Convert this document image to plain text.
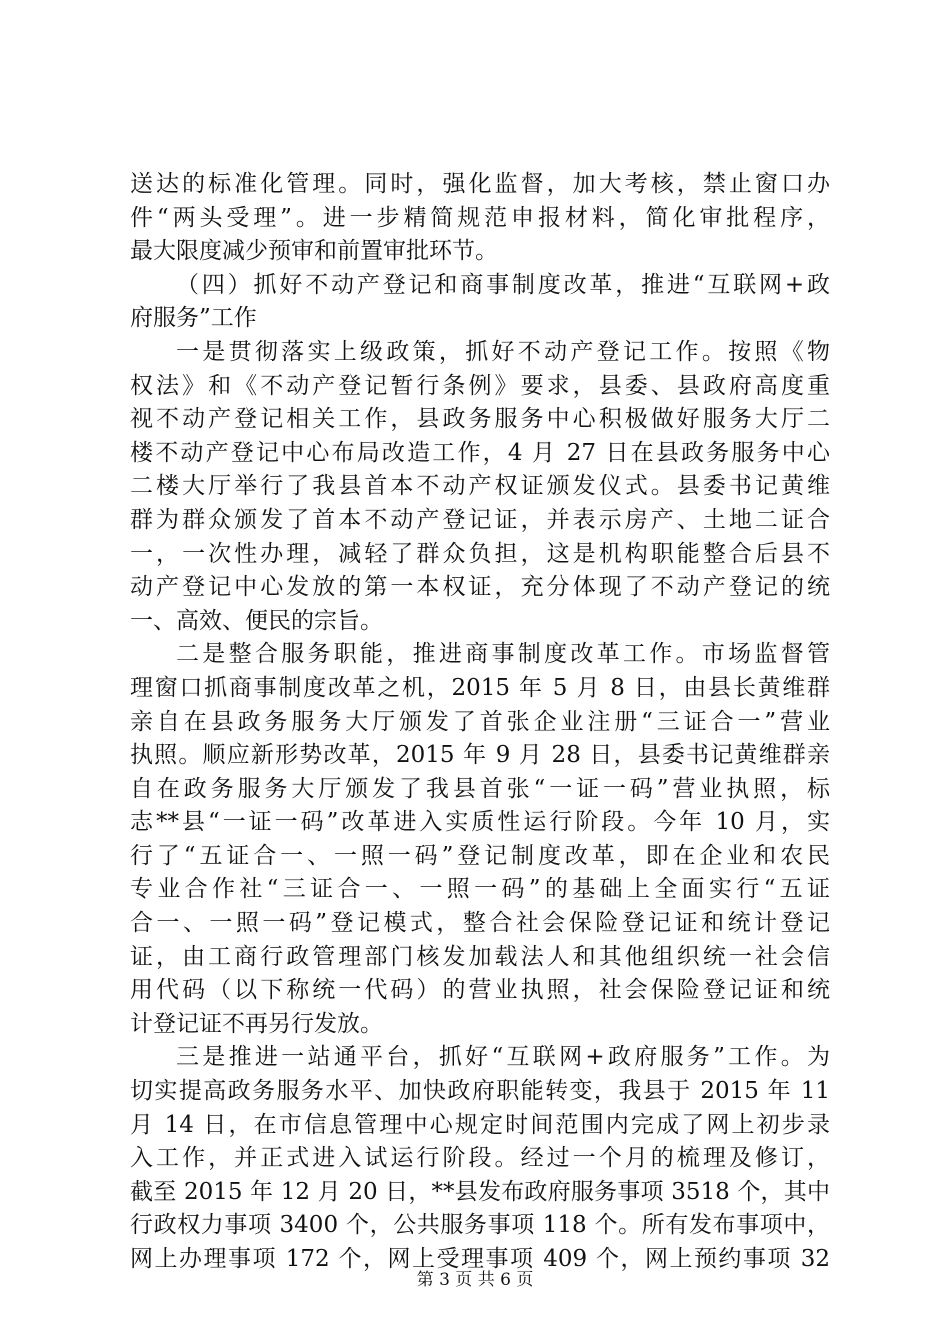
送达的标准化管理。同时，强化监督，加大考核，禁止窗口办
件“两头受理”。进一步精简规范申报材料，简化审批程序，
最大限度减少预审和前置审批环节。
（四）抓好不动产登记和商事制度改革，推进“互联网+政
府服务”工作
一是贯彻落实上级政策，抓好不动产登记工作。按照《物
权法》和《不动产登记暂行条例》要求，县委、县政府高度重
视不动产登记相关工作，县政务服务中心积极做好服务大厅二
楼不动产登记中心布局改造工作，4 月 27 日在县政务服务中心
二楼大厅举行了我县首本不动产权证颁发仪式。县委书记黄维
群为群众颁发了首本不动产登记证，并表示房产、土地二证合
一，一次性办理，减轻了群众负担，这是机构职能整合后县不
动产登记中心发放的第一本权证，充分体现了不动产登记的统
一、高效、便民的宗旨。
二是整合服务职能，推进商事制度改革工作。市场监督管
理窗口抓商事制度改革之机，2015 年 5 月 8 日，由县长黄维群
亲自在县政务服务大厅颁发了首张企业注册“三证合一”营业
执照。顺应新形势改革，2015 年 9 月 28 日，县委书记黄维群亲
自在政务服务大厅颁发了我县首张“一证一码”营业执照，标
志**县“一证一码”改革进入实质性运行阶段。今年 10 月，实
行了“五证合一、一照一码”登记制度改革，即在企业和农民
专业合作社“三证合一、一照一码”的基础上全面实行“五证
合一、一照一码”登记模式，整合社会保险登记证和统计登记
证，由工商行政管理部门核发加载法人和其他组织统一社会信
用代码（以下称统一代码）的营业执照，社会保险登记证和统
计登记证不再另行发放。
三是推进一站通平台，抓好“互联网+政府服务”工作。为
切实提高政务服务水平、加快政府职能转变，我县于 2015 年 11
月 14 日，在市信息管理中心规定时间范围内完成了网上初步录
入工作，并正式进入试运行阶段。经过一个月的梳理及修订，
截至 2015 年 12 月 20 日，**县发布政府服务事项 3518 个，其中
行政权力事项 3400 个，公共服务事项 118 个。所有发布事项中，
网上办理事项 172 个，网上受理事项 409 个，网上预约事项 32
第 3 页 共 6 页
